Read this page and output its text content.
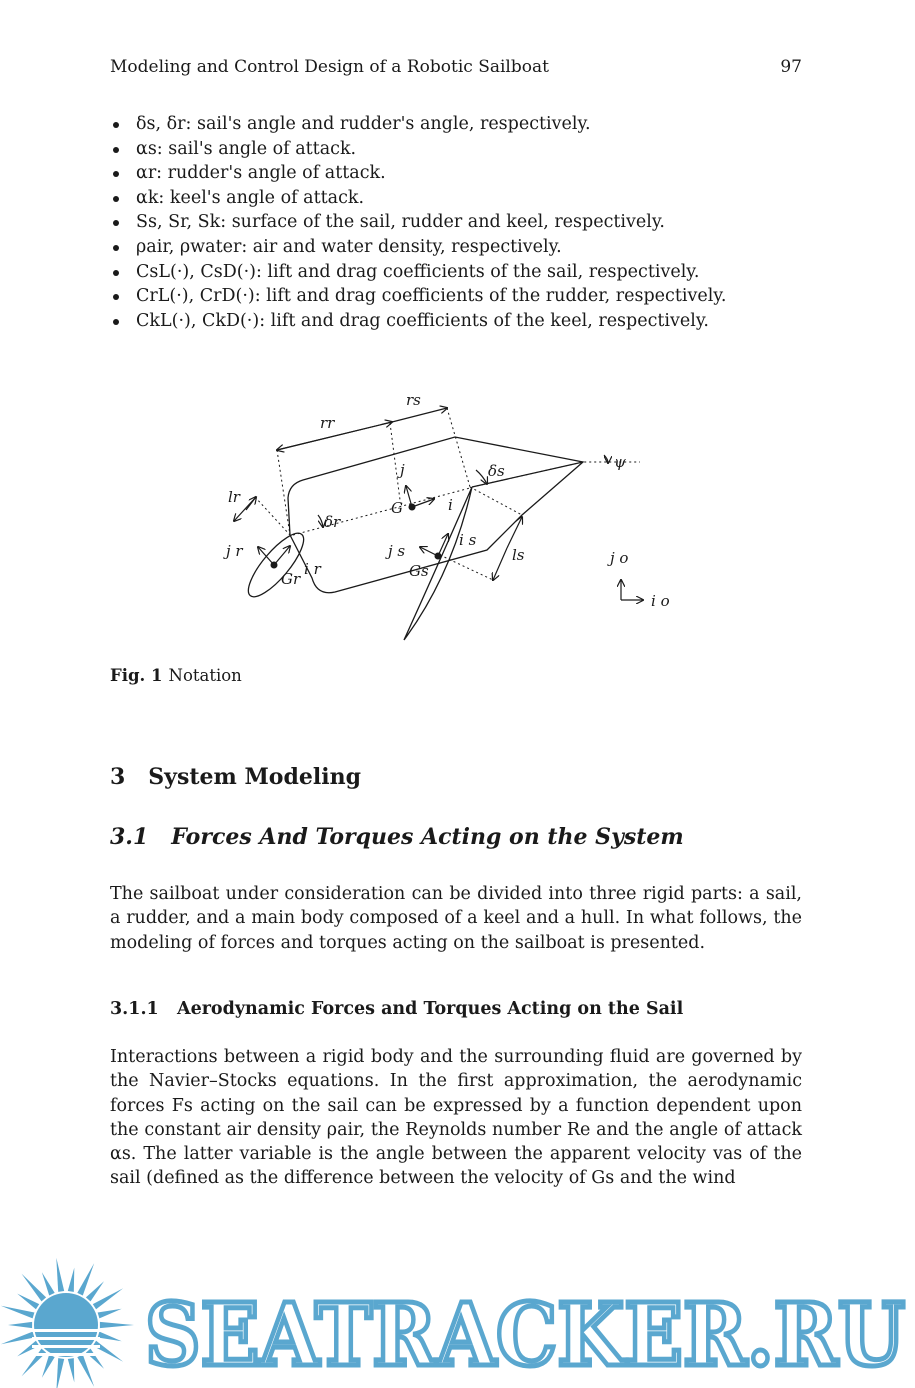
Modeling and Control Design of a Robotic Sailboat	97
δs, δr: sail's angle and rudder's angle, respectively.
αs: sail's angle of attack.
αr: rudder's angle of attack.
αk: keel's angle of attack.
Ss, Sr, Sk: surface of the sail, rudder and keel, respectively.
ρair, ρwater: air and water density, respectively.
CsL(·), CsD(·): lift and drag coefficients of the sail, respectively.
CrL(·), CrD(·): lift and drag coefficients of the rudder, respectively.
CkL(·), CkD(·): lift and drag coefficients of the keel, respectively.
rs
rr
lr
ls
ψ
δs
δr
G
Gs
Gr
j
i
j r
i r
j s
i s
j o
i o
Fig. 1 Notation
3 System Modeling
3.1 Forces And Torques Acting on the System

The sailboat under consideration can be divided into three rigid parts: a sail, a rudder, and a main body composed of a keel and a hull. In what follows, the modeling of forces and torques acting on the sailboat is presented.

3.1.1 Aerodynamic Forces and Torques Acting on the Sail

Interactions between a rigid body and the surrounding fluid are governed by the Navier–Stocks equations. In the first approximation, the aerodynamic forces Fs acting on the sail can be expressed by a function dependent upon the constant air density ρair, the Reynolds number Re and the angle of attack αs. The latter variable is the angle between the apparent velocity vas of the sail (defined as the difference between the velocity of Gs and the wind

SEATRACKER.RU
